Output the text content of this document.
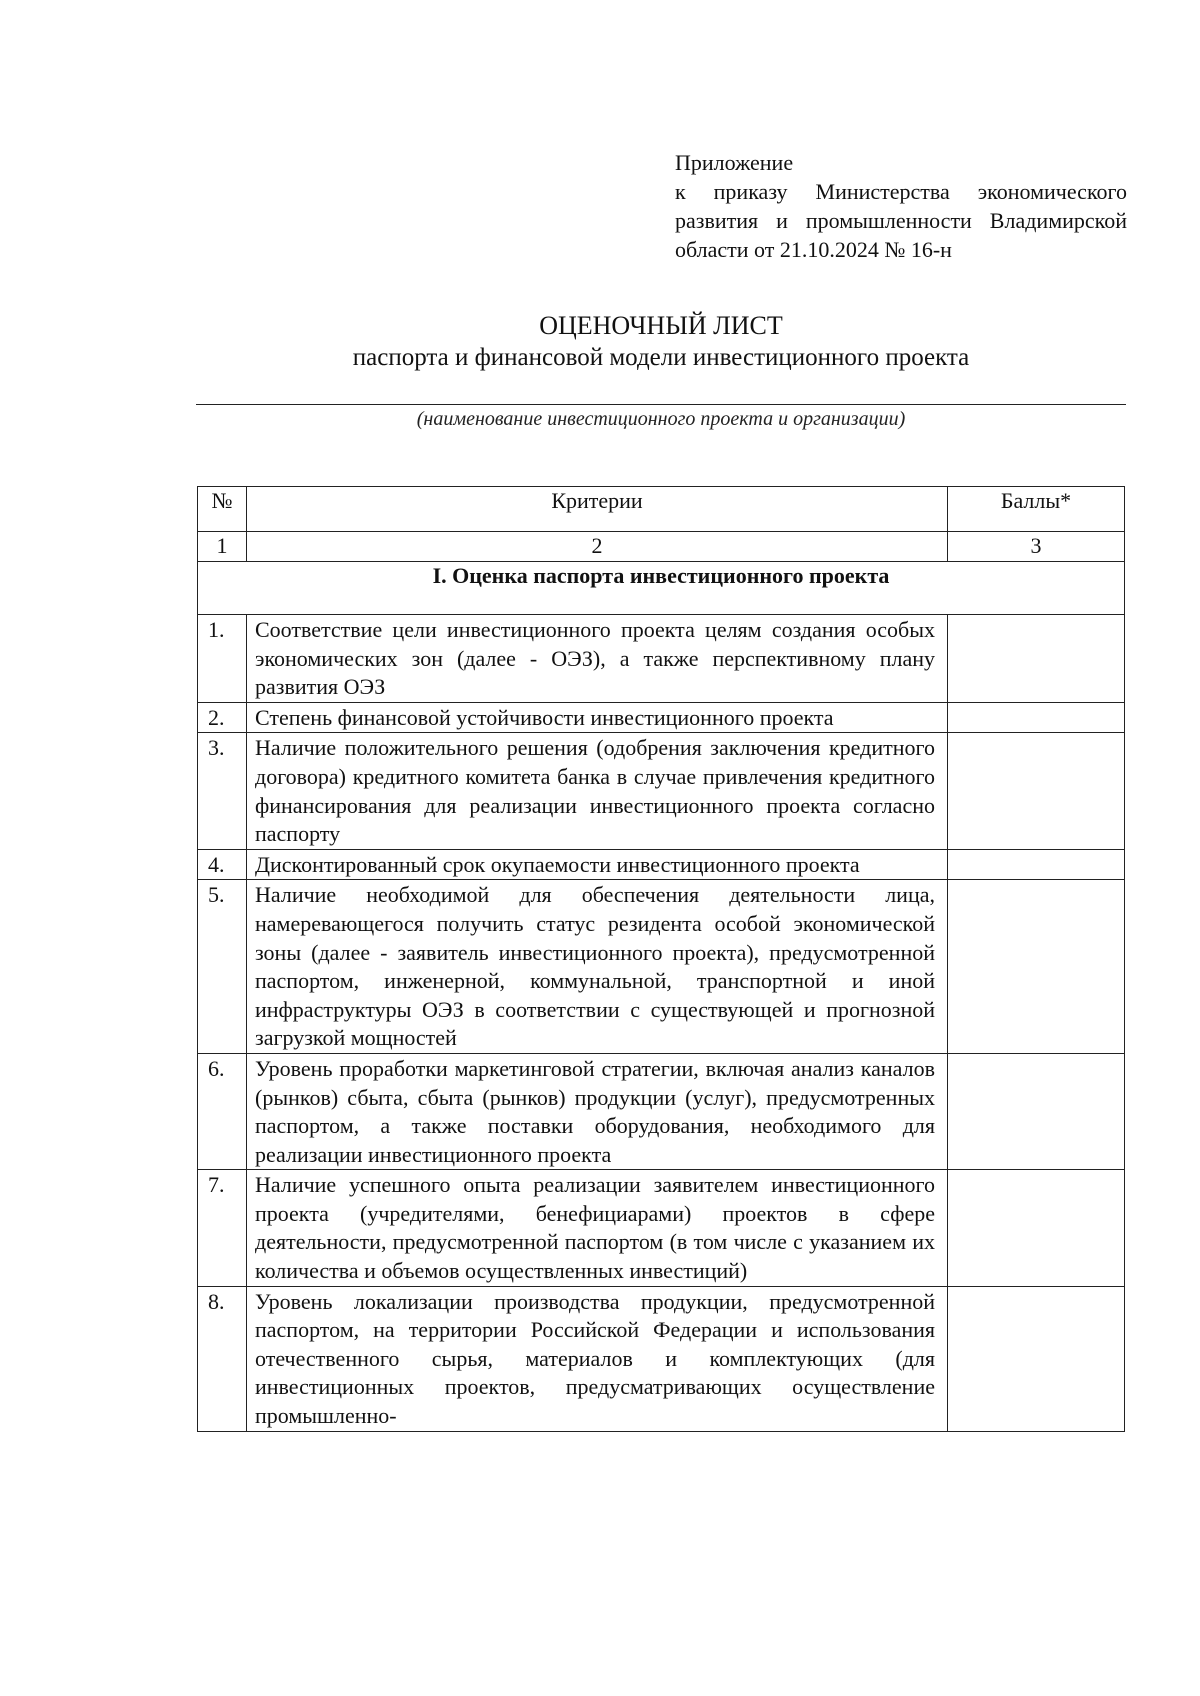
Приложение
к приказу Министерства экономического
развития и промышленности Владимирской
области от 21.10.2024 № 16-н
ОЦЕНОЧНЫЙ ЛИСТ
паспорта и финансовой модели инвестиционного проекта
(наименование инвестиционного проекта и организации)
№	Критерии	Баллы*
1	2	3
I. Оценка паспорта инвестиционного проекта		
1.	Соответствие цели инвестиционного проекта целям создания особых экономических зон (далее - ОЭЗ), а также перспективному плану развития ОЭЗ	
2.	Степень финансовой устойчивости инвестиционного проекта	
3.	Наличие положительного решения (одобрения заключения кредитного договора) кредитного комитета банка в случае привлечения кредитного финансирования для реализации инвестиционного проекта согласно паспорту	
4.	Дисконтированный срок окупаемости инвестиционного проекта	
5.	Наличие необходимой для обеспечения деятельности лица, намеревающегося получить статус резидента особой экономической зоны (далее - заявитель инвестиционного проекта), предусмотренной паспортом, инженерной, коммунальной, транспортной и иной инфраструктуры ОЭЗ в соответствии с существующей и прогнозной загрузкой мощностей	
6.	Уровень проработки маркетинговой стратегии, включая анализ каналов (рынков) сбыта, сбыта (рынков) продукции (услуг), предусмотренных паспортом, а также поставки оборудования, необходимого для реализации инвестиционного проекта	
7.	Наличие успешного опыта реализации заявителем инвестиционного проекта (учредителями, бенефициарами) проектов в сфере деятельности, предусмотренной паспортом (в том числе с указанием их количества и объемов осуществленных инвестиций)	
8.	Уровень локализации производства продукции, предусмотренной паспортом, на территории Российской Федерации и использования отечественного сырья, материалов и комплектующих (для инвестиционных проектов, предусматривающих осуществление промышленно-	
